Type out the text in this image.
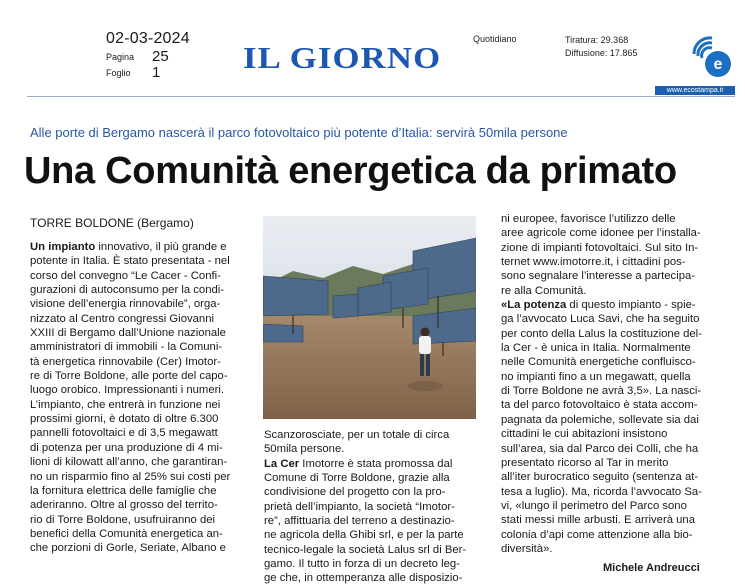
02-03-2024
Pagina 25
Foglio 1	IL GIORNO
Quotidiano	Tiratura: 29.368
Diffusione: 17.865
e
www.ecostampa.it
Alle porte di Bergamo nascerà il parco fotovoltaico più potente d’Italia: servirà 50mila persone
Una Comunità energetica da primato
TORRE BOLDONE (Bergamo)
Un impianto innovativo, il più grande e
potente in Italia. È stato presentata - nel
corso del convegno “Le Cacer - Confi-
gurazioni di autoconsumo per la condi-
visione dell’energia rinnovabile”, orga-
nizzato al Centro congressi Giovanni
XXIII di Bergamo dall’Unione nazionale
amministratori di immobili - la Comuni-
tà energetica rinnovabile (Cer) Imotor-
re di Torre Boldone, alle porte del capo-
luogo orobico. Impressionanti i numeri.
L’impianto, che entrerà in funzione nei
prossimi giorni, è dotato di oltre 6.300
pannelli fotovoltaici e di 3,5 megawatt
di potenza per una produzione di 4 mi-
lioni di kilowatt all’anno, che garantiran-
no un risparmio fino al 25% sui costi per
la fornitura elettrica delle famiglie che
aderiranno. Oltre al grosso del territo-
rio di Torre Boldone, usufruiranno dei
benefici della Comunità energetica an-
che porzioni di Gorle, Seriate, Albano e
Scanzorosciate, per un totale di circa
50mila persone.
La Cer Imotorre è stata promossa dal
Comune di Torre Boldone, grazie alla
condivisione del progetto con la pro-
prietà dell’impianto, la società “Imotor-
re”, affittuaria del terreno a destinazio-
ne agricola della Ghibi srl, e per la parte
tecnico-legale la società Lalus srl di Ber-
gamo. Il tutto in forza di un decreto leg-
ge che, in ottemperanza alle disposizio-
ni europee, favorisce l’utilizzo delle
aree agricole come idonee per l’installa-
zione di impianti fotovoltaici. Sul sito In-
ternet www.imotorre.it, i cittadini pos-
sono segnalare l’interesse a partecipa-
re alla Comunità.
«La potenza di questo impianto - spie-
ga l’avvocato Luca Savi, che ha seguito
per conto della Lalus la costituzione del-
la Cer - è unica in Italia. Normalmente
nelle Comunità energetiche confluisco-
no impianti fino a un megawatt, quella
di Torre Boldone ne avrà 3,5». La nasci-
ta del parco fotovoltaico è stata accom-
pagnata da polemiche, sollevate sia dai
cittadini le cui abitazioni insistono
sull’area, sia dal Parco dei Colli, che ha
presentato ricorso al Tar in merito
all’iter burocratico seguito (sentenza at-
tesa a luglio). Ma, ricorda l’avvocato Sa-
vi, «lungo il perimetro del Parco sono
stati messi mille arbusti. E arriverà una
colonia d’api come attenzione alla bio-
diversità».
Michele Andreucci
